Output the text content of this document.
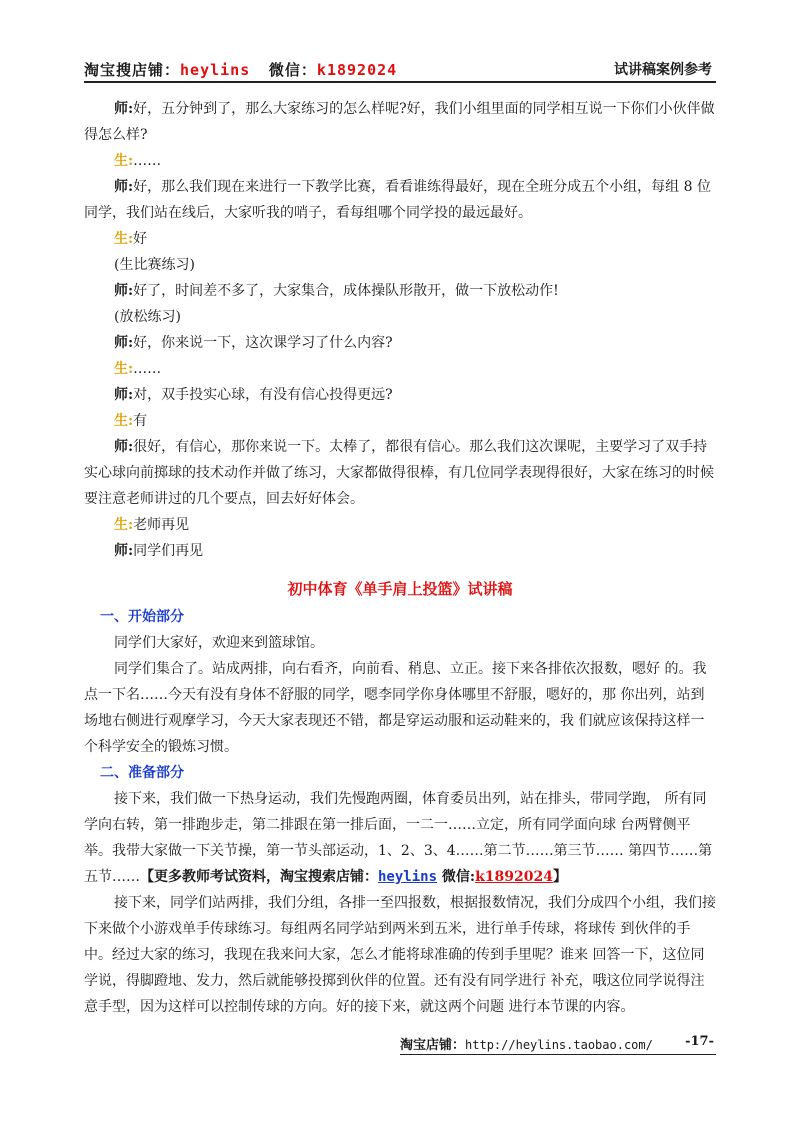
淘宝搜店铺：heylins 微信：k1892024	试讲稿案例参考

师:好，五分钟到了，那么大家练习的怎么样呢?好，我们小组里面的同学相互说一下你们小伙伴做得怎么样?

生:……

师:好，那么我们现在来进行一下教学比赛，看看谁练得最好，现在全班分成五个小组，每组 8 位同学，我们站在线后，大家听我的哨子，看每组哪个同学投的最远最好。

生:好

(生比赛练习)

师:好了，时间差不多了，大家集合，成体操队形散开，做一下放松动作!

(放松练习)

师:好，你来说一下，这次课学习了什么内容?

生:……

师:对，双手投实心球，有没有信心投得更远?

生:有

师:很好，有信心，那你来说一下。太棒了，都很有信心。那么我们这次课呢，主要学习了双手持实心球向前掷球的技术动作并做了练习，大家都做得很棒，有几位同学表现得很好，大家在练习的时候要注意老师讲过的几个要点，回去好好体会。

生:老师再见

师:同学们再见

初中体育《单手肩上投篮》试讲稿
一、开始部分

同学们大家好，欢迎来到篮球馆。

同学们集合了。站成两排，向右看齐，向前看、稍息、立正。接下来各排依次报数，嗯好 的。我点一下名……今天有没有身体不舒服的同学，嗯李同学你身体哪里不舒服，嗯好的，那 你出列，站到场地右侧进行观摩学习，今天大家表现还不错，都是穿运动服和运动鞋来的，我 们就应该保持这样一个科学安全的锻炼习惯。

二、准备部分

接下来，我们做一下热身运动，我们先慢跑两圈，体育委员出列，站在排头，带同学跑， 所有同学向右转，第一排跑步走，第二排跟在第一排后面，一二一……立定，所有同学面向球 台两臂侧平举。我带大家做一下关节操，第一节头部运动，1、2、3、4……第二节……第三节…… 第四节……第五节……【更多教师考试资料，淘宝搜索店铺：heylins 微信:k1892024】

接下来，同学们站两排，我们分组，各排一至四报数，根据报数情况，我们分成四个小组，我们接下来做个小游戏单手传球练习。每组两名同学站到两米到五米，进行单手传球，将球传 到伙伴的手中。经过大家的练习，我现在我来问大家，怎么才能将球准确的传到手里呢？谁来 回答一下，这位同学说，得脚蹬地、发力，然后就能够投掷到伙伴的位置。还有没有同学进行 补充，哦这位同学说得注意手型，因为这样可以控制传球的方向。好的接下来，就这两个问题 进行本节课的内容。

淘宝店铺：http://heylins.taobao.com/ -17-
